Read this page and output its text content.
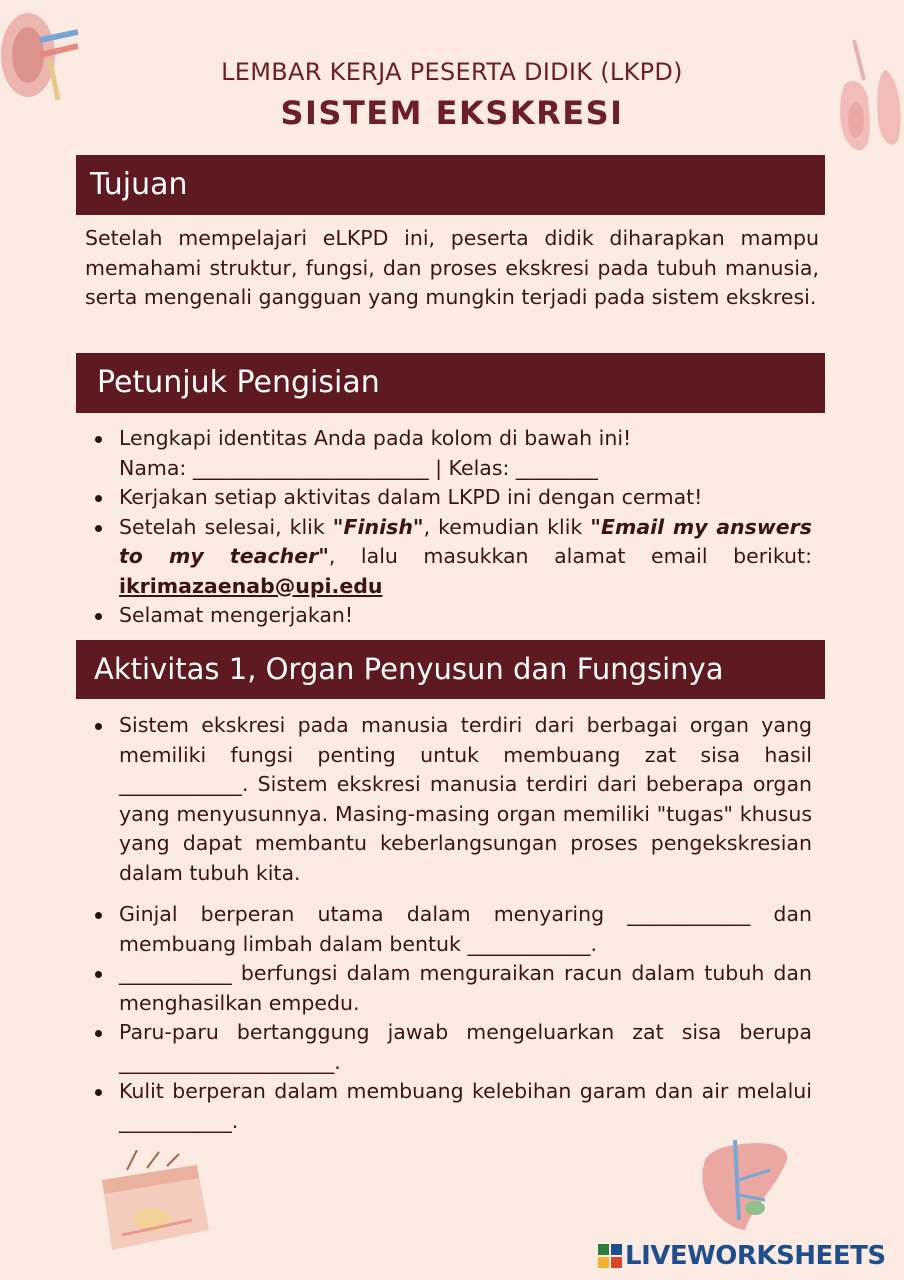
LEMBAR KERJA PESERTA DIDIK (LKPD)
SISTEM EKSKRESI
Tujuan
Setelah mempelajari eLKPD ini, peserta didik diharapkan mampu memahami struktur, fungsi, dan proses ekskresi pada tubuh manusia, serta mengenali gangguan yang mungkin terjadi pada sistem ekskresi.
Petunjuk Pengisian
Lengkapi identitas Anda pada kolom di bawah ini!
Nama: _______________________ | Kelas: ________
Kerjakan setiap aktivitas dalam LKPD ini dengan cermat!
Setelah selesai, klik "Finish", kemudian klik "Email my answers to my teacher", lalu masukkan alamat email berikut: ikrimazaenab@upi.edu
Selamat mengerjakan!
Aktivitas 1, Organ Penyusun dan Fungsinya
Sistem ekskresi pada manusia terdiri dari berbagai organ yang memiliki fungsi penting untuk membuang zat sisa hasil ____________. Sistem ekskresi manusia terdiri dari beberapa organ yang menyusunnya. Masing-masing organ memiliki "tugas" khusus yang dapat membantu keberlangsungan proses pengekskresian dalam tubuh kita.
Ginjal berperan utama dalam menyaring ____________ dan membuang limbah dalam bentuk ____________.
___________ berfungsi dalam menguraikan racun dalam tubuh dan menghasilkan empedu.
Paru-paru bertanggung jawab mengeluarkan zat sisa berupa _____________________.
Kulit berperan dalam membuang kelebihan garam dan air melalui ___________.
LIVEWORKSHEETS
